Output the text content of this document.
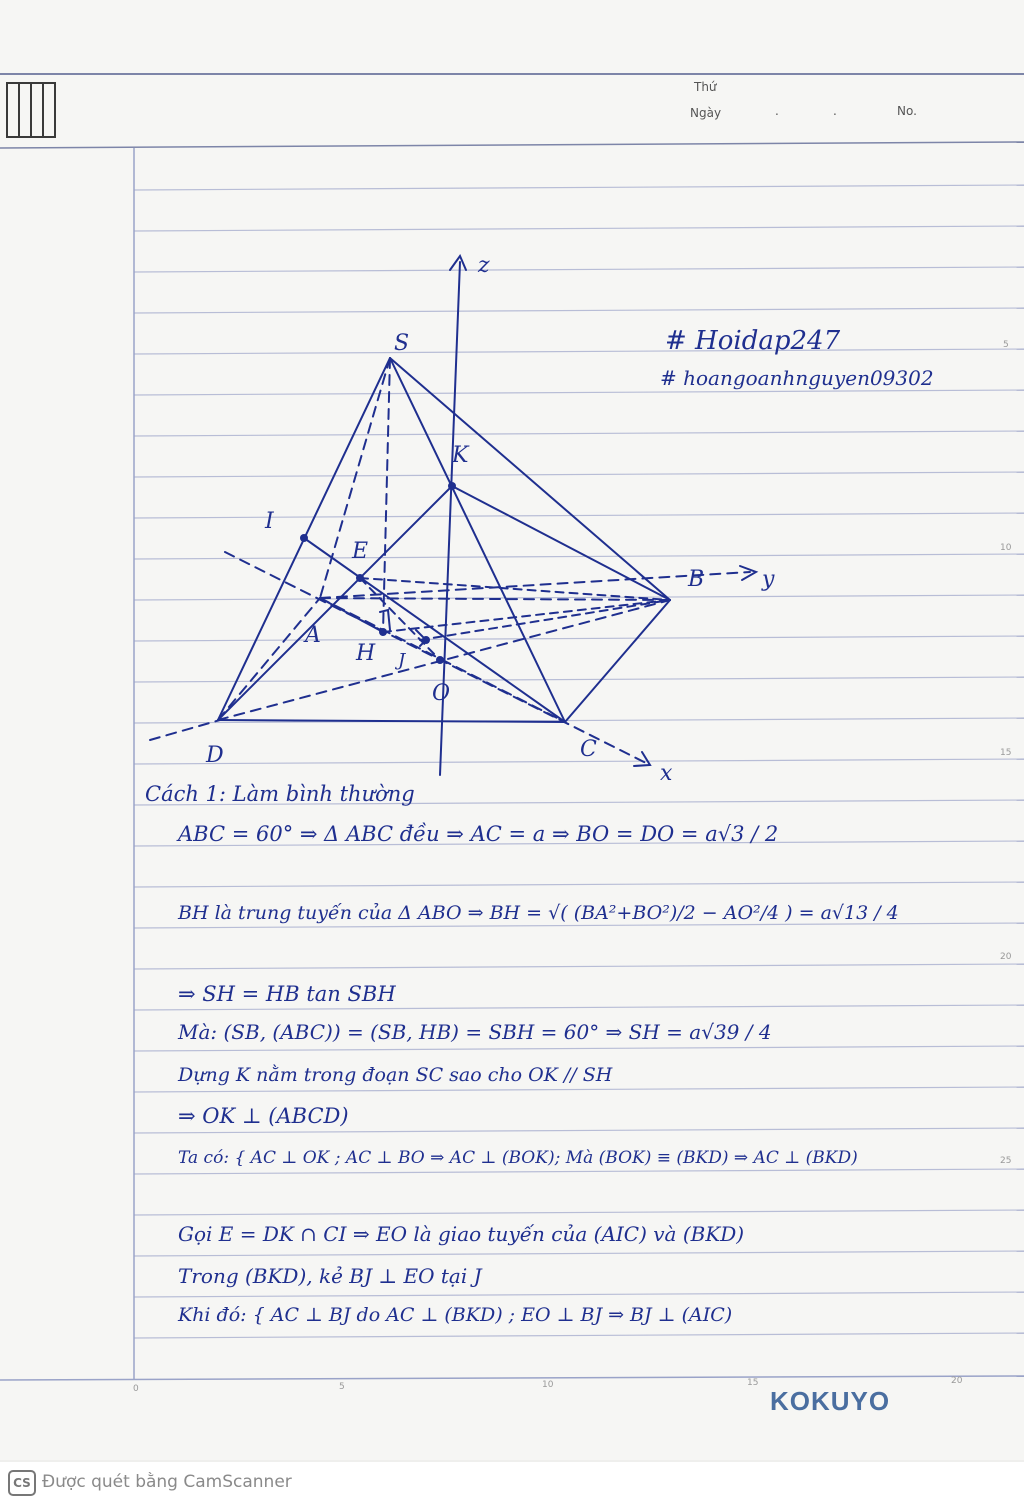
Thứ
Ngày	.	.	No.
5
10
15
20
25
0	5	10	15	20
z
S
K
I
E
A
H J
O
B	y
D	C
x
# Hoidap247
# hoangoanhnguyen09302
Cách 1: Làm bình thường
ABC = 60° ⇒ Δ ABC đều ⇒ AC = a ⇒ BO = DO = a√3 / 2
BH là trung tuyến của Δ ABO ⇒ BH = √( (BA²+BO²)/2 − AO²/4 ) = a√13 / 4
⇒ SH = HB tan SBH
Mà: (SB, (ABC)) = (SB, HB) = SBH = 60° ⇒ SH = a√39 / 4
Dựng K nằm trong đoạn SC sao cho OK // SH
⇒ OK ⊥ (ABCD)
Ta có: { AC ⊥ OK ; AC ⊥ BO ⇒ AC ⊥ (BOK); Mà (BOK) ≡ (BKD) ⇒ AC ⊥ (BKD)
Gọi E = DK ∩ CI ⇒ EO là giao tuyến của (AIC) và (BKD)
Trong (BKD), kẻ BJ ⊥ EO tại J
Khi đó: { AC ⊥ BJ do AC ⊥ (BKD) ; EO ⊥ BJ ⇒ BJ ⊥ (AIC)
KOKUYO
CS Được quét bằng CamScanner
